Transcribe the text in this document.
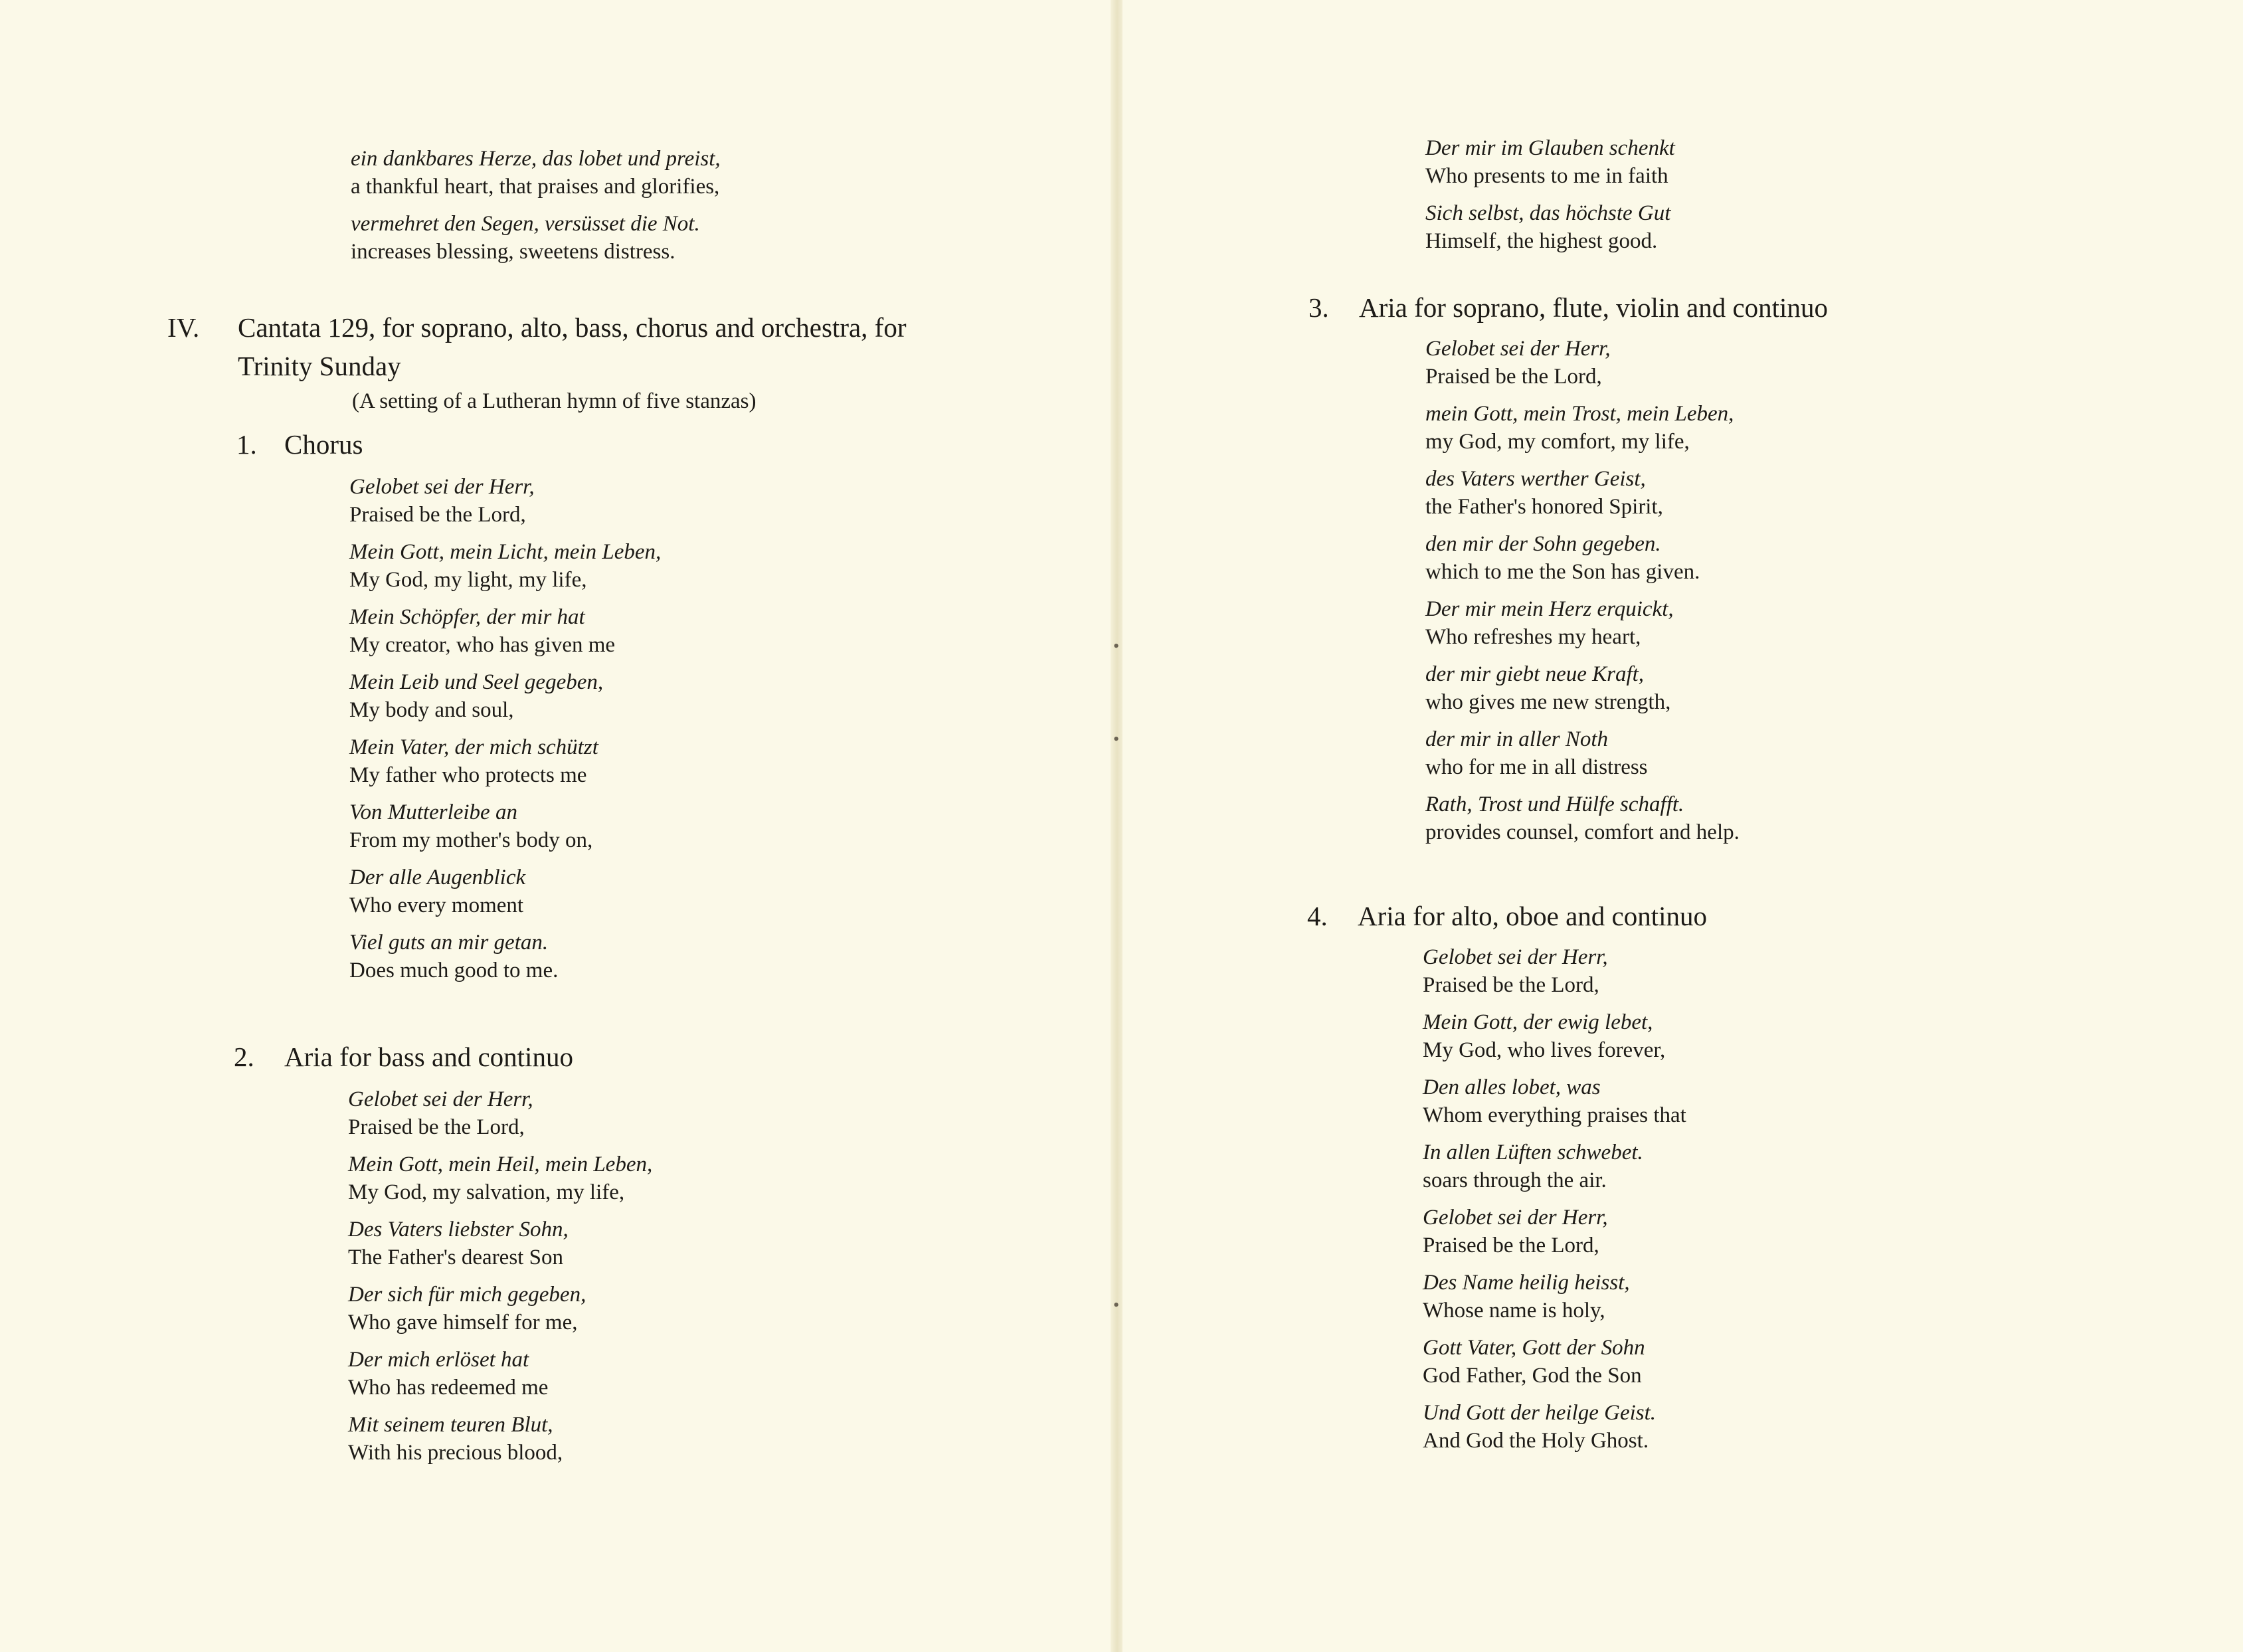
•
•
•
ein dankbares Herze, das lobet und preist,
a thankful heart, that praises and glorifies,
vermehret den Segen, versüsset die Not.
increases blessing, sweetens distress.
IV. Cantata 129, for soprano, alto, bass, chorus and orchestra, for
Trinity Sunday
(A setting of a Lutheran hymn of five stanzas)
1. Chorus
Gelobet sei der Herr,
Praised be the Lord,
Mein Gott, mein Licht, mein Leben,
My God, my light, my life,
Mein Schöpfer, der mir hat
My creator, who has given me
Mein Leib und Seel gegeben,
My body and soul,
Mein Vater, der mich schützt
My father who protects me
Von Mutterleibe an
From my mother's body on,
Der alle Augenblick
Who every moment
Viel guts an mir getan.
Does much good to me.
2. Aria for bass and continuo
Gelobet sei der Herr,
Praised be the Lord,
Mein Gott, mein Heil, mein Leben,
My God, my salvation, my life,
Des Vaters liebster Sohn,
The Father's dearest Son
Der sich für mich gegeben,
Who gave himself for me,
Der mich erlöset hat
Who has redeemed me
Mit seinem teuren Blut,
With his precious blood,
Der mir im Glauben schenkt
Who presents to me in faith
Sich selbst, das höchste Gut
Himself, the highest good.
3. Aria for soprano, flute, violin and continuo
Gelobet sei der Herr,
Praised be the Lord,
mein Gott, mein Trost, mein Leben,
my God, my comfort, my life,
des Vaters werther Geist,
the Father's honored Spirit,
den mir der Sohn gegeben.
which to me the Son has given.
Der mir mein Herz erquickt,
Who refreshes my heart,
der mir giebt neue Kraft,
who gives me new strength,
der mir in aller Noth
who for me in all distress
Rath, Trost und Hülfe schafft.
provides counsel, comfort and help.
4. Aria for alto, oboe and continuo
Gelobet sei der Herr,
Praised be the Lord,
Mein Gott, der ewig lebet,
My God, who lives forever,
Den alles lobet, was
Whom everything praises that
In allen Lüften schwebet.
soars through the air.
Gelobet sei der Herr,
Praised be the Lord,
Des Name heilig heisst,
Whose name is holy,
Gott Vater, Gott der Sohn
God Father, God the Son
Und Gott der heilge Geist.
And God the Holy Ghost.
